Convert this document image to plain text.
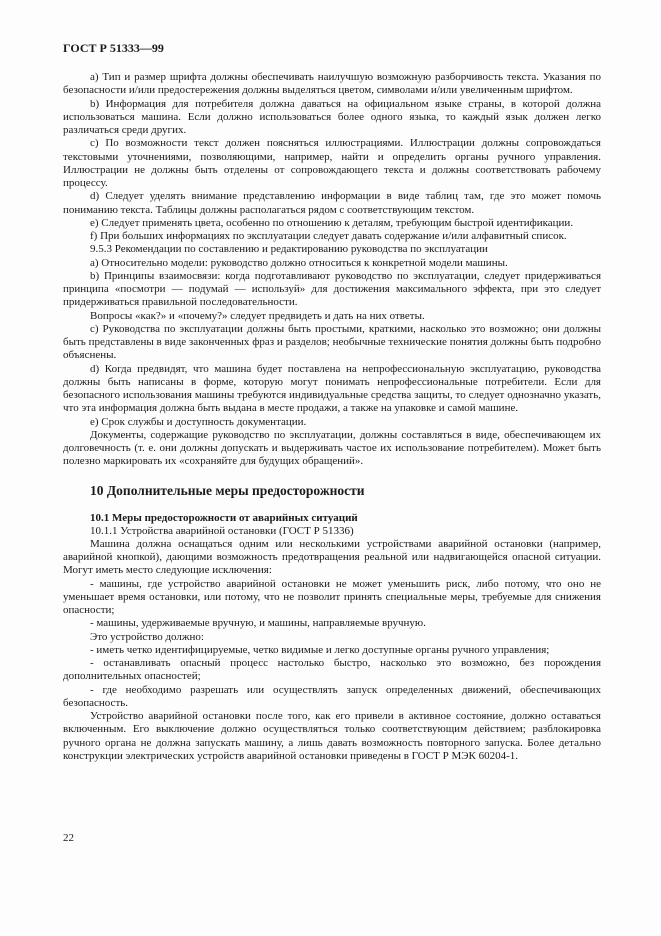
ГОСТ Р 51333—99

a) Тип и размер шрифта должны обеспечивать наилучшую возможную разборчивость текста. Указания по безопасности и/или предостережения должны выделяться цветом, символами и/или увеличенным шрифтом.

b) Информация для потребителя должна даваться на официальном языке страны, в которой должна использоваться машина. Если должно использоваться более одного языка, то каждый язык должен легко различаться среди других.

c) По возможности текст должен поясняться иллюстрациями. Иллюстрации должны сопровождаться текстовыми уточнениями, позволяющими, например, найти и определить органы ручного управления. Иллюстрации не должны быть отделены от сопровождающего текста и должны соответствовать рабочему процессу.

d) Следует уделять внимание представлению информации в виде таблиц там, где это может помочь пониманию текста. Таблицы должны располагаться рядом с соответствующим текстом.

e) Следует применять цвета, особенно по отношению к деталям, требующим быстрой идентификации.

f) При больших информациях по эксплуатации следует давать содержание и/или алфавитный список.

9.5.3 Рекомендации по составлению и редактированию руководства по эксплуатации

a) Относительно модели: руководство должно относиться к конкретной модели машины.

b) Принципы взаимосвязи: когда подготавливают руководство по эксплуатации, следует придерживаться принципа «посмотри — подумай — используй» для достижения максимального эффекта, при это следует придерживаться правильной последовательности.

Вопросы «как?» и «почему?» следует предвидеть и дать на них ответы.

c) Руководства по эксплуатации должны быть простыми, краткими, насколько это возможно; они должны быть представлены в виде законченных фраз и разделов; необычные технические понятия должны быть подробно объяснены.

d) Когда предвидят, что машина будет поставлена на непрофессиональную эксплуатацию, руководства должны быть написаны в форме, которую могут понимать непрофессиональные потребители. Если для безопасного использования машины требуются индивидуальные средства защиты, то следует однозначно указать, что эта информация должна быть выдана в месте продажи, а также на упаковке и самой машине.

e) Срок службы и доступность документации.

Документы, содержащие руководство по эксплуатации, должны составляться в виде, обеспечивающем их долговечность (т. е. они должны допускать и выдерживать частое их использование потребителем). Может быть полезно маркировать их «сохраняйте для будущих обращений».

10 Дополнительные меры предосторожности
10.1 Меры предосторожности от аварийных ситуаций

10.1.1 Устройства аварийной остановки (ГОСТ Р 51336)

Машина должна оснащаться одним или несколькими устройствами аварийной остановки (например, аварийной кнопкой), дающими возможность предотвращения реальной или надвигающейся опасной ситуации. Могут иметь место следующие исключения:

- машины, где устройство аварийной остановки не может уменьшить риск, либо потому, что оно не уменьшает время остановки, или потому, что не позволит принять специальные меры, требуемые для снижения опасности;

- машины, удерживаемые вручную, и машины, направляемые вручную.

Это устройство должно:

- иметь четко идентифицируемые, четко видимые и легко доступные органы ручного управления;

- останавливать опасный процесс настолько быстро, насколько это возможно, без порождения дополнительных опасностей;

- где необходимо разрешать или осуществлять запуск определенных движений, обеспечивающих безопасность.

Устройство аварийной остановки после того, как его привели в активное состояние, должно оставаться включенным. Его выключение должно осуществляться только соответствующим действием; разблокировка ручного органа не должна запускать машину, а лишь давать возможность повторного запуска. Более детально конструкции электрических устройств аварийной остановки приведены в ГОСТ Р МЭК 60204-1.

22
